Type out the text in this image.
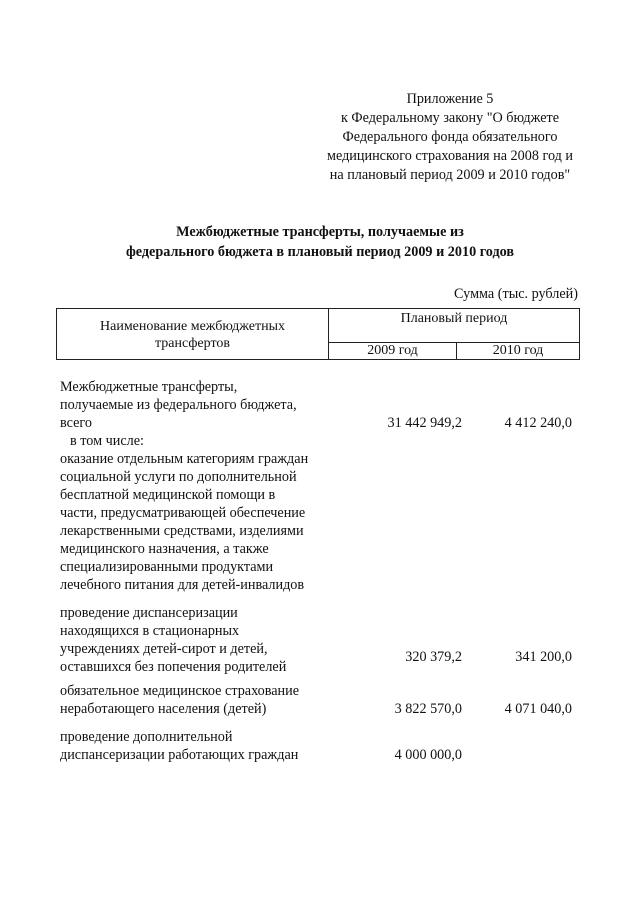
Приложение 5
к Федеральному закону "О бюджете
Федерального фонда обязательного
медицинского страхования на 2008 год и
на плановый период 2009 и 2010 годов"
Межбюджетные трансферты, получаемые из
федерального бюджета в плановый период 2009 и 2010 годов
Сумма (тыс. рублей)
Наименование межбюджетных
трансфертов
Плановый период
2009 год	2010 год
Межбюджетные трансферты,
получаемые из федерального бюджета,
всего	31 442 949,2	4 412 240,0
в том числе:
оказание отдельным категориям граждан
социальной услуги по дополнительной
бесплатной медицинской помощи в
части, предусматривающей обеспечение
лекарственными средствами, изделиями
медицинского назначения, а также
специализированными продуктами
лечебного питания для детей-инвалидов
проведение диспансеризации
находящихся в стационарных
учреждениях детей-сирот и детей,
оставшихся без попечения родителей
320 379,2	341 200,0
обязательное медицинское страхование
неработающего населения (детей)	3 822 570,0	4 071 040,0
проведение дополнительной
диспансеризации работающих граждан	4 000 000,0
